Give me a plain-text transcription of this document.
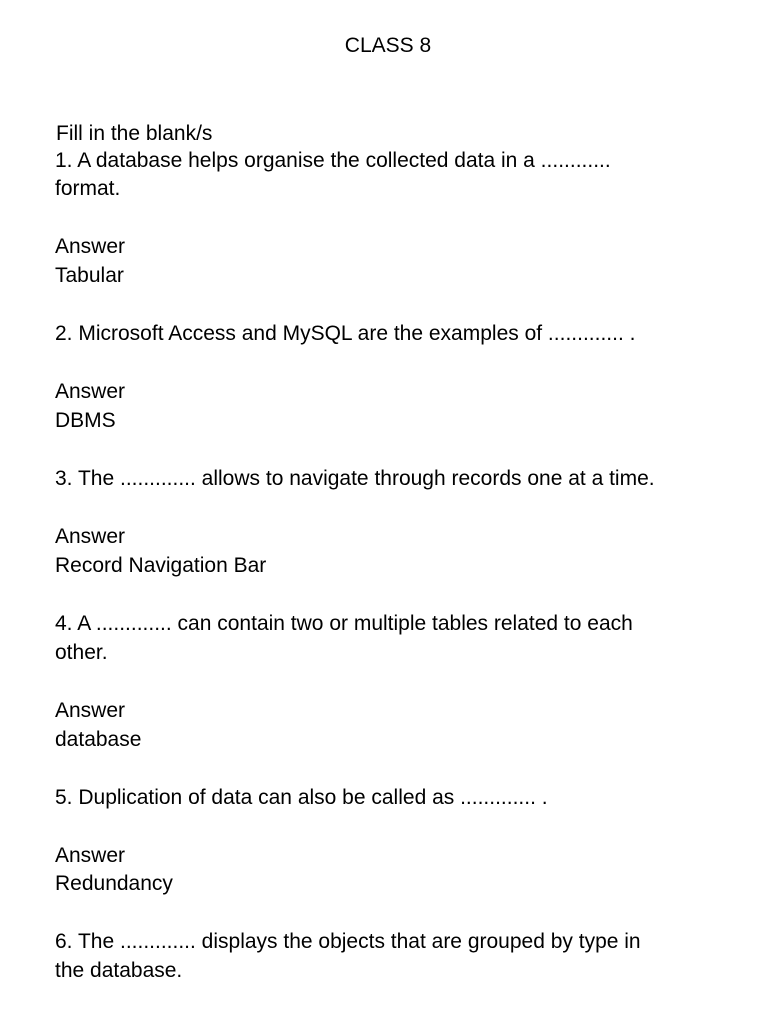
CLASS 8
Fill in the blank/s
1. A database helps organise the collected data in a ............
format.
Answer
Tabular
2. Microsoft Access and MySQL are the examples of ............. .
Answer
DBMS
3. The ............. allows to navigate through records one at a time.
Answer
Record Navigation Bar
4. A ............. can contain two or multiple tables related to each
other.
Answer
database
5. Duplication of data can also be called as ............. .
Answer
Redundancy
6. The ............. displays the objects that are grouped by type in
the database.
